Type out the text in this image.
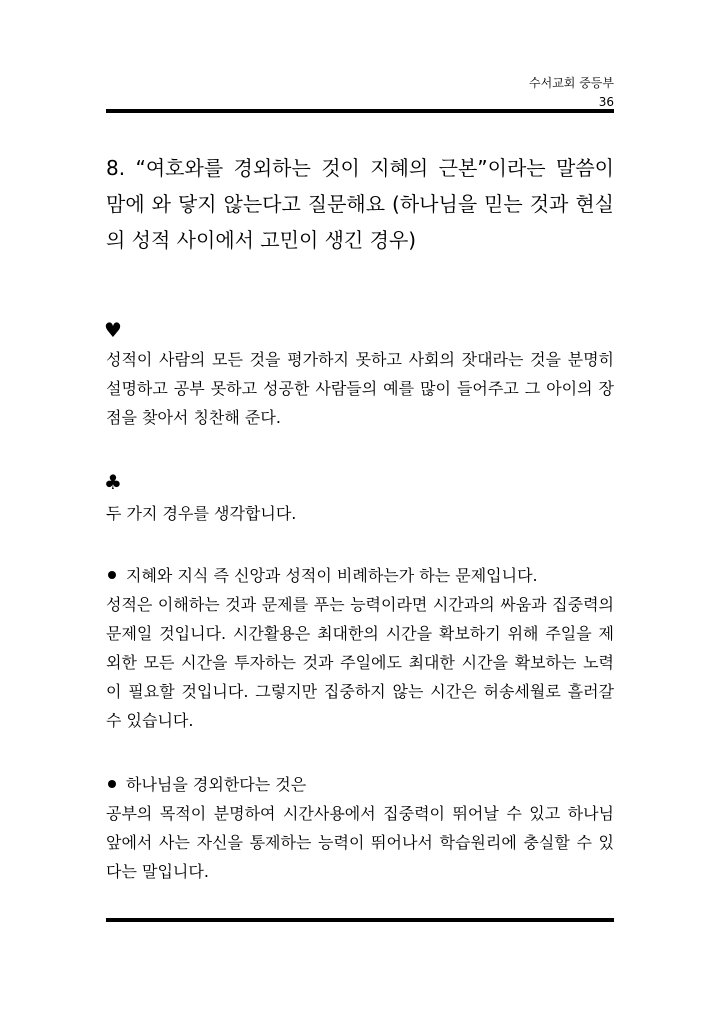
수서교회 중등부
36
8. “여호와를 경외하는 것이 지혜의 근본”이라는 말씀이 맘에 와 닿지 않는다고 질문해요 (하나님을 믿는 것과 현실의 성적 사이에서 고민이 생긴 경우)
♥
성적이 사람의 모든 것을 평가하지 못하고 사회의 잣대라는 것을 분명히 설명하고 공부 못하고 성공한 사람들의 예를 많이 들어주고 그 아이의 장점을 찾아서 칭찬해 준다.
♣
두 가지 경우를 생각합니다.
지혜와 지식 즉 신앙과 성적이 비례하는가 하는 문제입니다.
성적은 이해하는 것과 문제를 푸는 능력이라면 시간과의 싸움과 집중력의 문제일 것입니다. 시간활용은 최대한의 시간을 확보하기 위해 주일을 제외한 모든 시간을 투자하는 것과 주일에도 최대한 시간을 확보하는 노력이 필요할 것입니다. 그렇지만 집중하지 않는 시간은 허송세월로 흘러갈 수 있습니다.
하나님을 경외한다는 것은
공부의 목적이 분명하여 시간사용에서 집중력이 뛰어날 수 있고 하나님 앞에서 사는 자신을 통제하는 능력이 뛰어나서 학습원리에 충실할 수 있다는 말입니다.
